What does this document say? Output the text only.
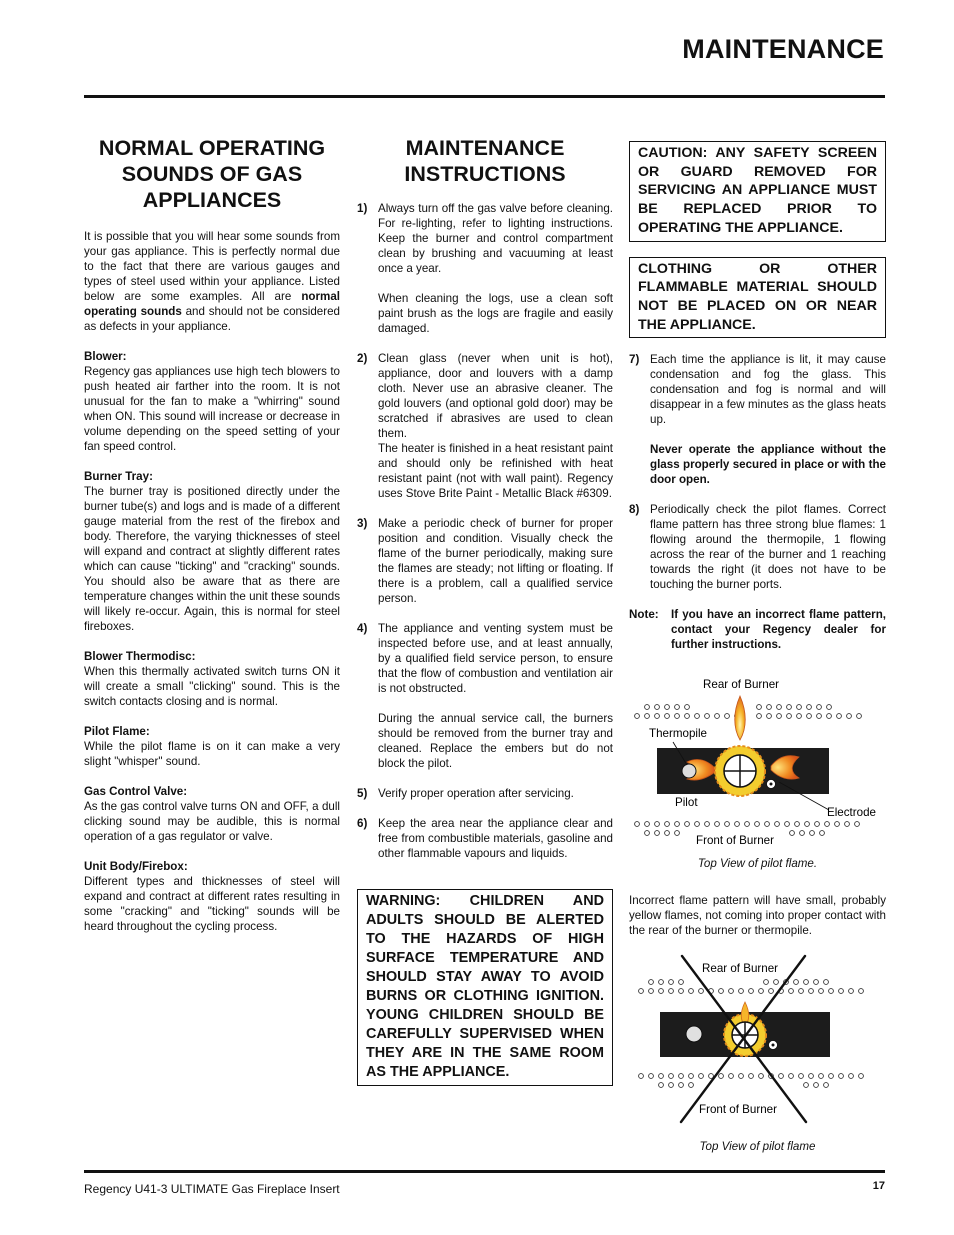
MAINTENANCE
NORMAL OPERATING SOUNDS OF GAS APPLIANCES

It is possible that you will hear some sounds from your gas appliance. This is perfectly normal due to the fact that there are various gauges and types of steel used within your appliance. Listed below are some examples. All are normal operating sounds and should not be considered as defects in your appliance.

Blower:

Regency gas appliances use high tech blowers to push heated air farther into the room. It is not unusual for the fan to make a "whirring" sound when ON. This sound will increase or decrease in volume depending on the speed setting of your fan speed control.

Burner Tray:

The burner tray is positioned directly under the burner tube(s) and logs and is made of a different gauge material from the rest of the firebox and body. Therefore, the varying thicknesses of steel will expand and contract at slightly different rates which can cause "ticking" and "cracking" sounds. You should also be aware that as there are temperature changes within the unit these sounds will likely re-occur. Again, this is normal for steel fireboxes.

Blower Thermodisc:

When this thermally activated switch turns ON it will create a small "clicking" sound. This is the switch contacts closing and is normal.

Pilot Flame:

While the pilot flame is on it can make a very slight "whisper" sound.

Gas Control Valve:

As the gas control valve turns ON and OFF, a dull clicking sound may be audible, this is normal operation of a gas regulator or valve.

Unit Body/Firebox:

Different types and thicknesses of steel will expand and contract at different rates resulting in some "cracking" and "ticking" sounds will be heard throughout the cycling process.

MAINTENANCE INSTRUCTIONS
1) Always turn off the gas valve before cleaning. For re-lighting, refer to lighting instructions. Keep the burner and control compartment clean by brushing and vacuuming at least once a year.

When cleaning the logs, use a clean soft paint brush as the logs are fragile and easily damaged.

2) Clean glass (never when unit is hot), appliance, door and louvers with a damp cloth. Never use an abrasive cleaner. The gold louvers (and optional gold door) may be scratched if abrasives are used to clean them.

The heater is finished in a heat resistant paint and should only be refinished with heat resistant paint (not with wall paint). Regency uses Stove Brite Paint - Metallic Black #6309.

3) Make a periodic check of burner for proper position and condition. Visually check the flame of the burner periodically, making sure the flames are steady; not lifting or floating. If there is a problem, call a qualified service person.

4) The appliance and venting system must be inspected before use, and at least annually, by a qualified field service person, to ensure that the flow of combustion and ventilation air is not obstructed.

During the annual service call, the burners should be removed from the burner tray and cleaned. Replace the embers but do not block the pilot.

5) Verify proper operation after servicing.

6) Keep the area near the appliance clear and free from combustible materials, gasoline and other flammable vapours and liquids.

WARNING: CHILDREN AND ADULTS SHOULD BE ALERTED TO THE HAZARDS OF HIGH SURFACE TEMPERATURE AND SHOULD STAY AWAY TO AVOID BURNS OR CLOTHING IGNITION. YOUNG CHILDREN SHOULD BE CAREFULLY SUPERVISED WHEN THEY ARE IN THE SAME ROOM AS THE APPLIANCE.
CAUTION: ANY SAFETY SCREEN OR GUARD REMOVED FOR SERVICING AN APPLIANCE MUST BE REPLACED PRIOR TO OPERATING THE APPLIANCE.
CLOTHING OR OTHER FLAMMABLE MATERIAL SHOULD NOT BE PLACED ON OR NEAR THE APPLIANCE.
7) Each time the appliance is lit, it may cause condensation and fog the glass. This condensation and fog is normal and will disappear in a few minutes as the glass heats up.

Never operate the appliance without the glass properly secured in place or with the door open.

8) Periodically check the pilot flames. Correct flame pattern has three strong blue flames: 1 flowing around the thermopile, 1 flowing across the rear of the burner and 1 reaching towards the right (it does not have to be touching the burner ports.

Note:	If you have an incorrect flame pattern, contact your Regency dealer for further instructions.

Rear of Burner
Thermopile
Pilot
Electrode
Front of Burner
Top View of pilot flame.

Incorrect flame pattern will have small, probably yellow flames, not coming into proper contact with the rear of the burner or thermopile.

Rear of Burner
Front of Burner
Top View of pilot flame
Regency U41-3 ULTIMATE Gas Fireplace Insert	17
